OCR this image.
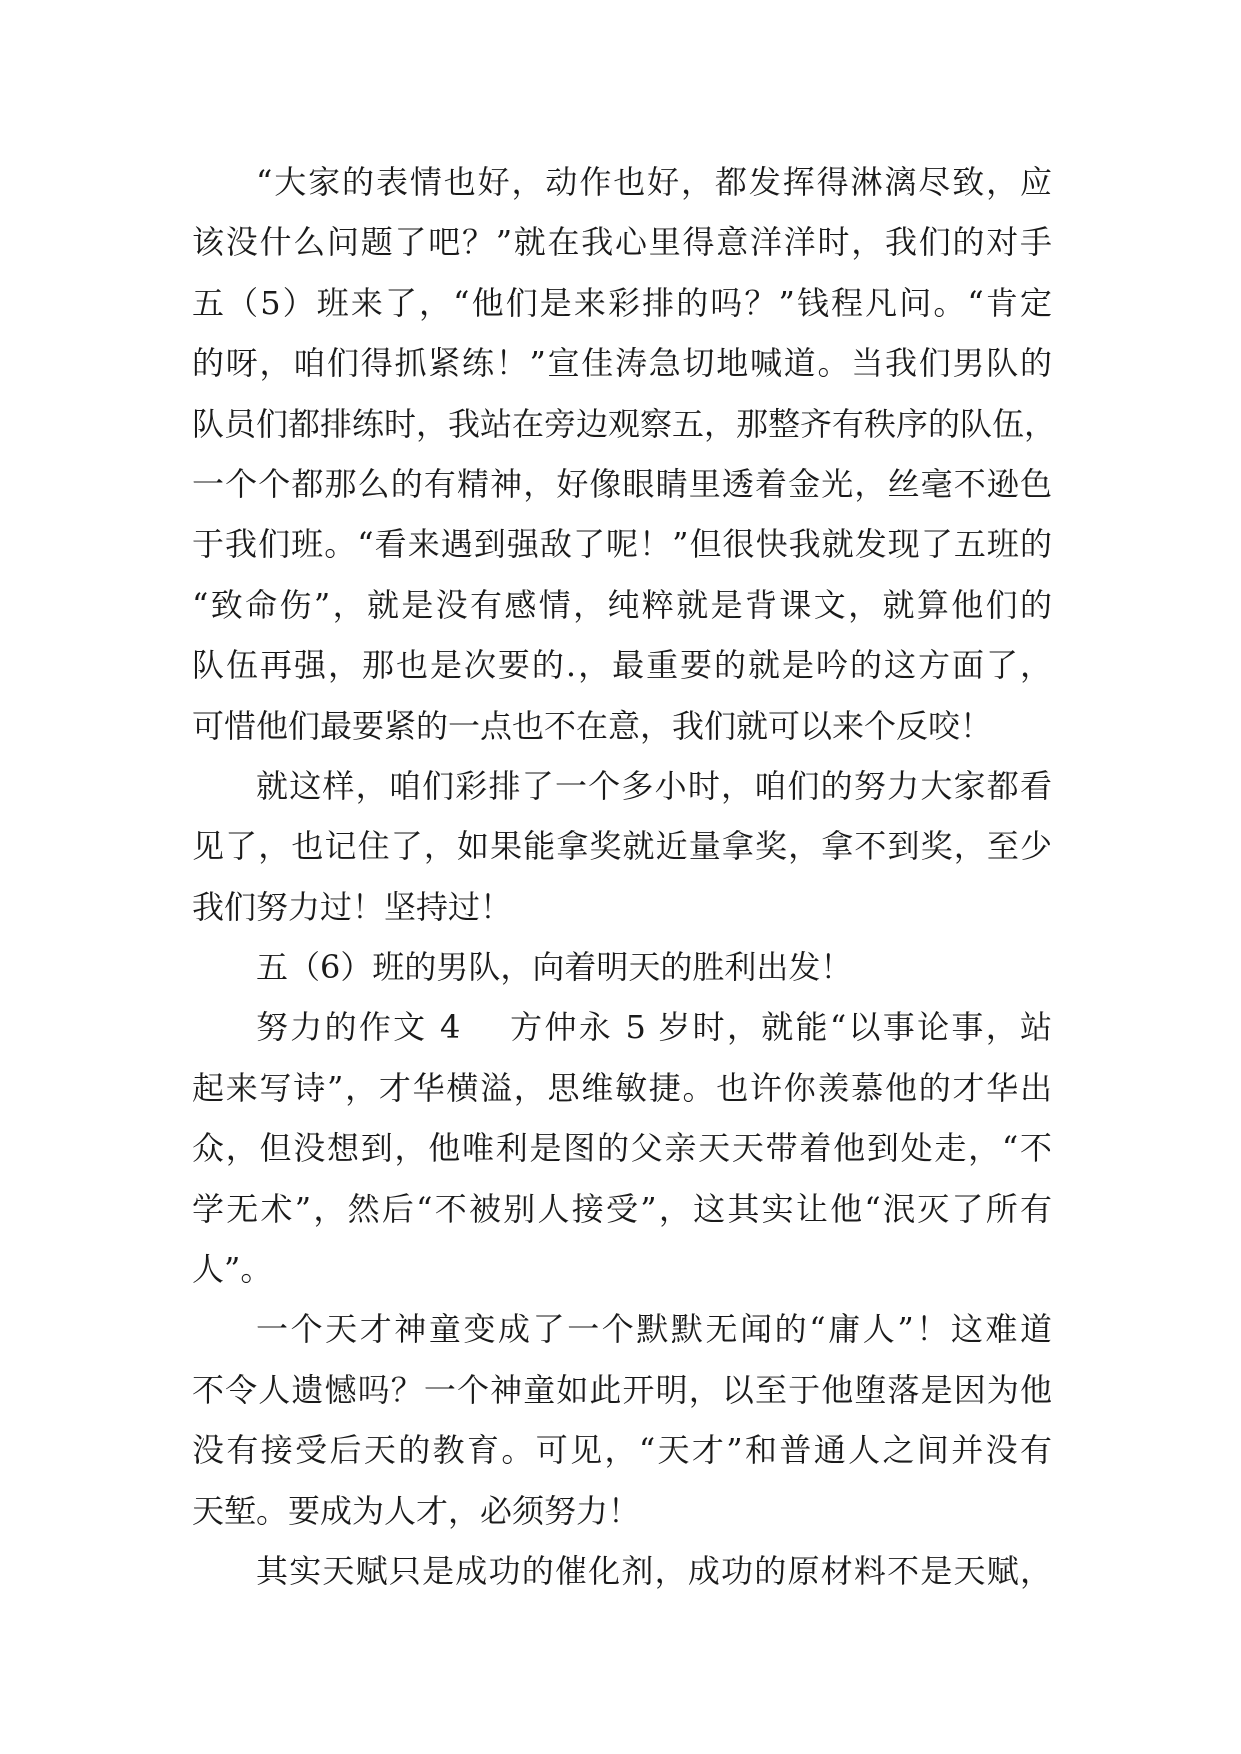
“大家的表情也好，动作也好，都发挥得淋漓尽致，应
该没什么问题了吧？”就在我心里得意洋洋时，我们的对手
五（5）班来了，“他们是来彩排的吗？”钱程凡问。“肯定
的呀，咱们得抓紧练！”宣佳涛急切地喊道。当我们男队的
队员们都排练时，我站在旁边观察五，那整齐有秩序的队伍，
一个个都那么的有精神，好像眼睛里透着金光，丝毫不逊色
于我们班。“看来遇到强敌了呢！”但很快我就发现了五班的
“致命伤”，就是没有感情，纯粹就是背课文，就算他们的
队伍再强，那也是次要的.，最重要的就是吟的这方面了，
可惜他们最要紧的一点也不在意，我们就可以来个反咬！
就这样，咱们彩排了一个多小时，咱们的努力大家都看
见了，也记住了，如果能拿奖就近量拿奖，拿不到奖，至少
我们努力过！坚持过！
五（6）班的男队，向着明天的胜利出发！
努力的作文 4    方仲永 5 岁时，就能“以事论事，站
起来写诗”，才华横溢，思维敏捷。也许你羡慕他的才华出
众，但没想到，他唯利是图的父亲天天带着他到处走，“不
学无术”，然后“不被别人接受”，这其实让他“泯灭了所有
人”。
一个天才神童变成了一个默默无闻的“庸人”！这难道
不令人遗憾吗？一个神童如此开明，以至于他堕落是因为他
没有接受后天的教育。可见，“天才”和普通人之间并没有
天堑。要成为人才，必须努力！
其实天赋只是成功的催化剂，成功的原材料不是天赋，
